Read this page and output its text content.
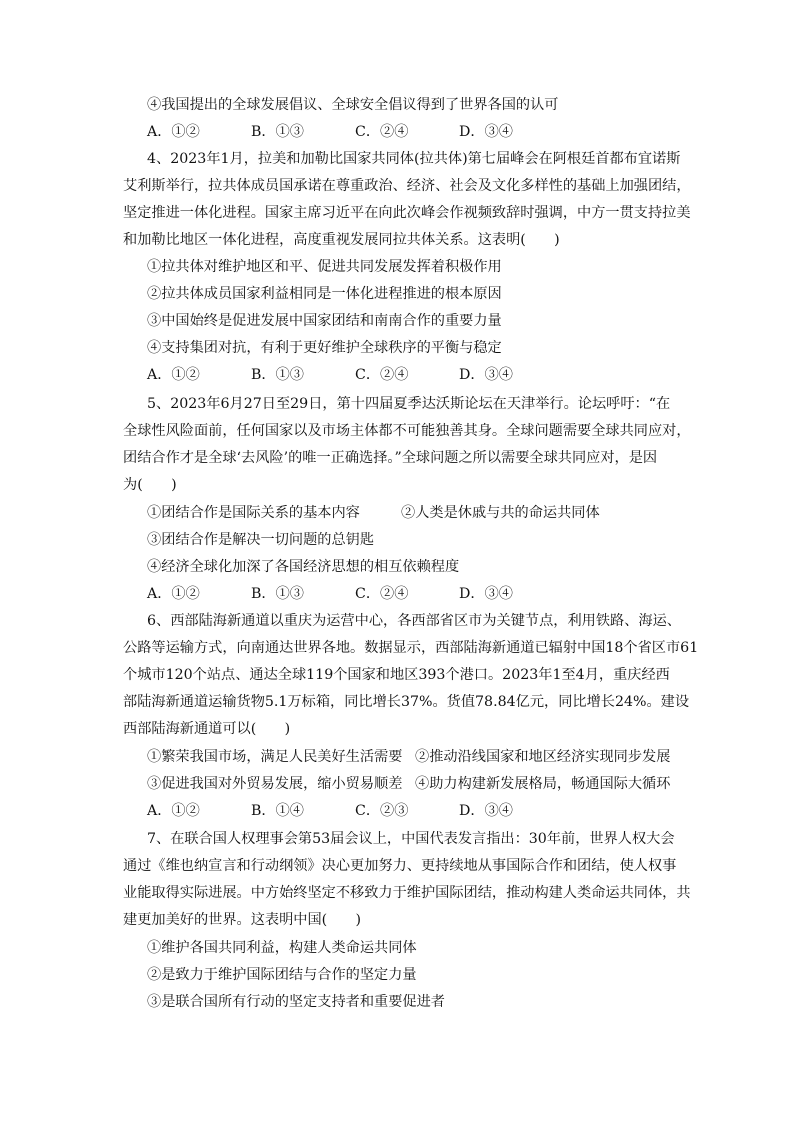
④我国提出的全球发展倡议、全球安全倡议得到了世界各国的认可
A．①②	B．①③	C．②④	D．③④
4、2023年1月，拉美和加勒比国家共同体(拉共体)第七届峰会在阿根廷首都布宜诺斯
艾利斯举行，拉共体成员国承诺在尊重政治、经济、社会及文化多样性的基础上加强团结，
坚定推进一体化进程。国家主席习近平在向此次峰会作视频致辞时强调，中方一贯支持拉美
和加勒比地区一体化进程，高度重视发展同拉共体关系。这表明(　　)
①拉共体对维护地区和平、促进共同发展发挥着积极作用
②拉共体成员国家利益相同是一体化进程推进的根本原因
③中国始终是促进发展中国家团结和南南合作的重要力量
④支持集团对抗，有利于更好维护全球秩序的平衡与稳定
A．①②	B．①③	C．②④	D．③④
5、2023年6月27日至29日，第十四届夏季达沃斯论坛在天津举行。论坛呼吁：“在
全球性风险面前，任何国家以及市场主体都不可能独善其身。全球问题需要全球共同应对，
团结合作才是全球‘去风险’的唯一正确选择。”全球问题之所以需要全球共同应对，是因
为(　　)
①团结合作是国际关系的基本内容	②人类是休戚与共的命运共同体
③团结合作是解决一切问题的总钥匙
④经济全球化加深了各国经济思想的相互依赖程度
A．①②	B．①③	C．②④	D．③④
6、西部陆海新通道以重庆为运营中心，各西部省区市为关键节点，利用铁路、海运、
公路等运输方式，向南通达世界各地。数据显示，西部陆海新通道已辐射中国18个省区市61
个城市120个站点、通达全球119个国家和地区393个港口。2023年1至4月，重庆经西
部陆海新通道运输货物5.1万标箱，同比增长37%。货值78.84亿元，同比增长24%。建设
西部陆海新通道可以(　　)
①繁荣我国市场，满足人民美好生活需要 ②推动沿线国家和地区经济实现同步发展
③促进我国对外贸易发展，缩小贸易顺差 ④助力构建新发展格局，畅通国际大循环
A．①②	B．①④	C．②③	D．③④
7、在联合国人权理事会第53届会议上，中国代表发言指出：30年前，世界人权大会
通过《维也纳宣言和行动纲领》决心更加努力、更持续地从事国际合作和团结，使人权事
业能取得实际进展。中方始终坚定不移致力于维护国际团结，推动构建人类命运共同体，共
建更加美好的世界。这表明中国(　　)
①维护各国共同利益，构建人类命运共同体
②是致力于维护国际团结与合作的坚定力量
③是联合国所有行动的坚定支持者和重要促进者
